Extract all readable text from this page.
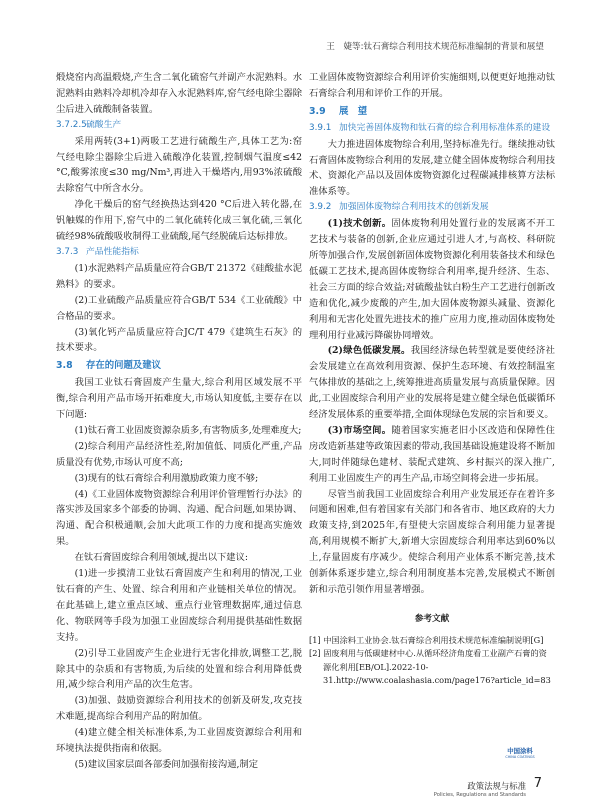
王　婕等:钛石膏综合利用技术规范标准编制的背景和展望

煅烧窑内高温煅烧,产生含二氧化硫窑气并副产水泥熟料。水泥熟料由熟料冷却机冷却存入水泥熟料库,窑气经电除尘器除尘后进入硫酸制备装置。

3.7.2.5硫酸生产

采用两转(3+1)两吸工艺进行硫酸生产,具体工艺为:窑气经电除尘器除尘后进入硫酸净化装置,控制烟气温度≤42 °C,酸雾浓度≤30 mg/Nm³,再进入干燥塔内,用93%浓硫酸去除窑气中所含水分。

净化干燥后的窑气经换热达到420 °C后进入转化器,在钒触媒的作用下,窑气中的二氧化硫转化成三氧化硫,三氧化硫经98%硫酸吸收制得工业硫酸,尾气经脱硫后达标排放。

3.7.3 产品性能指标

(1)水泥熟料产品质量应符合GB/T 21372《硅酸盐水泥熟料》的要求。

(2)工业硫酸产品质量应符合GB/T 534《工业硫酸》中合格品的要求。

(3)氧化钙产品质量应符合JC/T 479《建筑生石灰》的技术要求。

3.8 存在的问题及建议

我国工业钛石膏固废产生量大,综合利用区域发展不平衡,综合利用产品市场开拓难度大,市场认知度低,主要存在以下问题:

(1)钛石膏工业固废资源杂质多,有害物质多,处理难度大;

(2)综合利用产品经济性差,附加值低、同质化严重,产品质量没有优势,市场认可度不高;

(3)现有的钛石膏综合利用激励政策力度不够;

(4)《工业固体废物资源综合利用评价管理暂行办法》的落实涉及国家多个部委的协调、沟通、配合问题,如果协调、沟通、配合积极通顺,会加大此项工作的力度和提高实施效果。

在钛石膏固废综合利用领域,提出以下建议:

(1)进一步摸清工业钛石膏固废产生和利用的情况,工业钛石膏的产生、处置、综合利用和产业链相关单位的情况。在此基础上,建立重点区域、重点行业管理数据库,通过信息化、物联网等手段为加强工业固废综合利用提供基础性数据支持。

(2)引导工业固废产生企业进行无害化排放,调整工艺,脱除其中的杂质和有害物质,为后续的处置和综合利用降低费用,减少综合利用产品的次生危害。

(3)加强、鼓励资源综合利用技术的创新及研发,攻克技术难题,提高综合利用产品的附加值。

(4)建立健全相关标准体系,为工业固废资源综合利用和环境执法提供指南和依据。

(5)建议国家层面各部委间加强衔接沟通,制定

工业固体废物资源综合利用评价实施细则,以便更好地推动钛石膏综合利用和评价工作的开展。

3.9 展　望
3.9.1 加快完善固体废物和钛石膏的综合利用标准体系的建设

大力推进固体废物综合利用,坚持标准先行。继续推动钛石膏固体废物综合利用的发展,建立健全固体废物综合利用技术、资源化产品以及固体废物资源化过程碳减排核算方法标准体系等。

3.9.2 加强固体废物综合利用技术的创新发展

(1)技术创新。固体废物利用处置行业的发展离不开工艺技术与装备的创新,企业应通过引进人才,与高校、科研院所等加强合作,发展创新固体废物资源化利用装备技术和绿色低碳工艺技术,提高固体废物综合利用率,提升经济、生态、社会三方面的综合效益;对硫酸盐钛白粉生产工艺进行创新改造和优化,减少废酸的产生,加大固体废物源头减量、资源化利用和无害化处置先进技术的推广应用力度,推动固体废物处理利用行业减污降碳协同增效。

(2)绿色低碳发展。我国经济绿色转型就是要使经济社会发展建立在高效利用资源、保护生态环境、有效控制温室气体排放的基础之上,统筹推进高质量发展与高质量保障。因此,工业固废综合利用产业的发展将是建立健全绿色低碳循环经济发展体系的重要举措,全面体现绿色发展的宗旨和要义。

(3)市场空间。随着国家实施老旧小区改造和保障性住房改造新基建等政策因素的带动,我国基础设施建设将不断加大,同时伴随绿色建材、装配式建筑、乡村振兴的深入推广,利用工业固废生产的再生产品,市场空间将会进一步拓展。

尽管当前我国工业固废综合利用产业发展还存在着许多问题和困难,但有着国家有关部门和各省市、地区政府的大力政策支持,到2025年,有望使大宗固废综合利用能力显著提高,利用规模不断扩大,新增大宗固废综合利用率达到60%以上,存量固废有序减少。使综合利用产业体系不断完善,技术创新体系逐步建立,综合利用制度基本完善,发展模式不断创新和示范引领作用显著增强。

参考文献
[1] 中国涂料工业协会.钛石膏综合利用技术规范标准编制说明[G]
[2] 固废利用与低碳建材中心.从循环经济角度看工业副产石膏的资源化利用[EB/OL].2022-10-31.http://www.coalashasia.com/page176?article_id=83
中国涂料
CHINA COATINGS
政策法规与标准
Policies, Regulations and Standards
7
